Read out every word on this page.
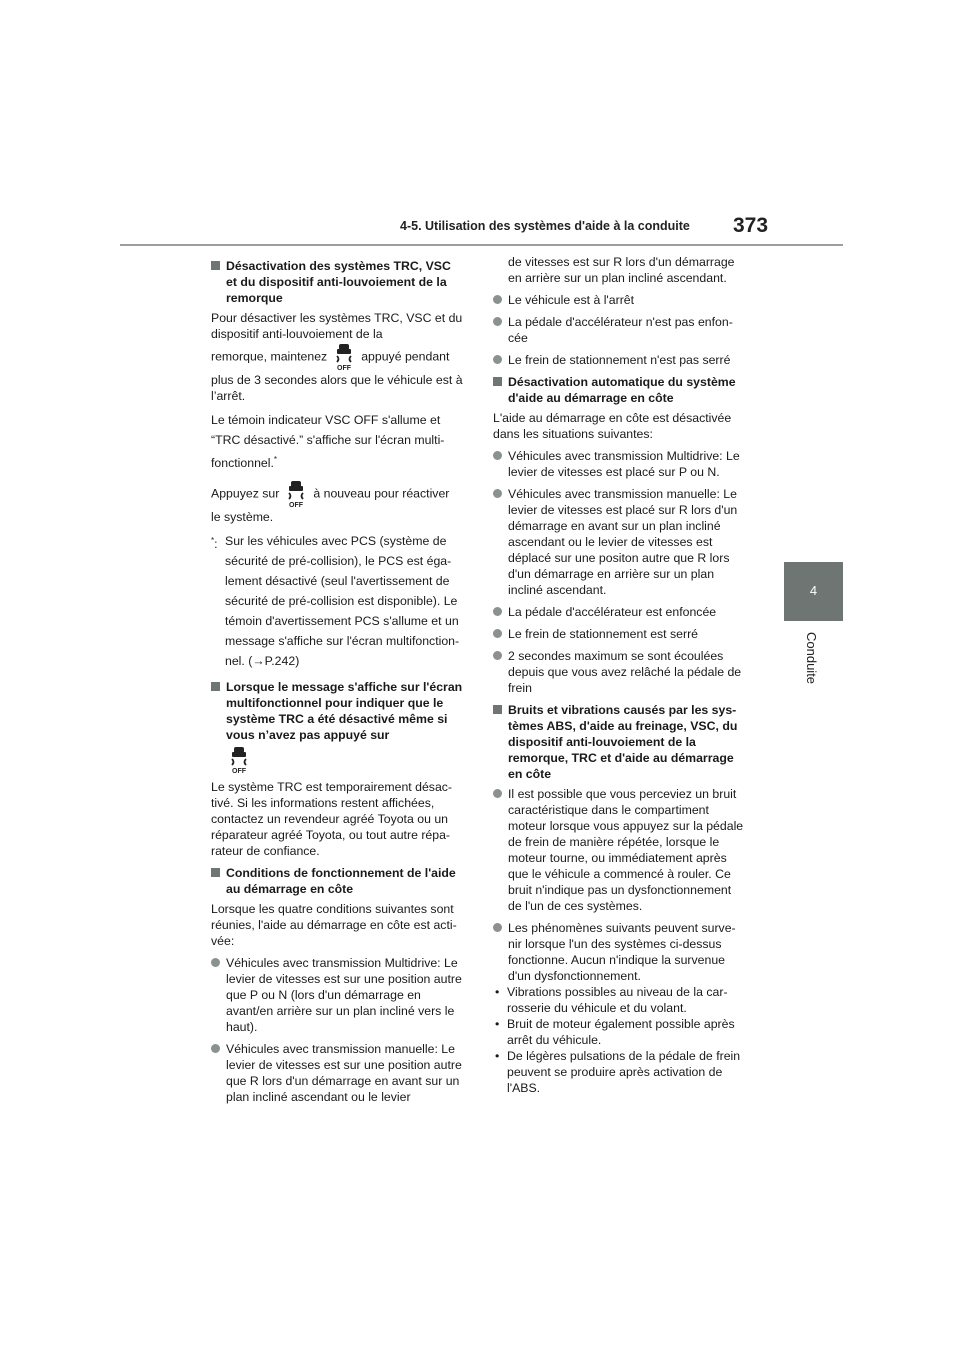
4-5. Utilisation des systèmes d'aide à la conduite 373
4
Conduite
Désactivation des systèmes TRC, VSC et du dispositif anti-louvoiement de la remorque

Pour désactiver les systèmes TRC, VSC et du dispositif anti-louvoiement de la
remorque, maintenez
OFF
appuyé pendant
plus de 3 secondes alors que le véhicule est à l’arrêt.

Le témoin indicateur VSC OFF s'allume et
“TRC désactivé.” s'affiche sur l'écran multi-
fonctionnel.*

Appuyez sur
OFF
à nouveau pour réactiver
le système.

*: Sur les véhicules avec PCS (système de sécurité de pré-collision), le PCS est éga-lement désactivé (seul l'avertissement de sécurité de pré-collision est disponible). Le témoin d'avertissement PCS s'allume et un message s'affiche sur l'écran multifonction-nel. (→P.242)
Lorsque le message s'affiche sur l'écran multifonctionnel pour indiquer que le système TRC a été désactivé même si vous n’avez pas appuyé sur
OFF

Le système TRC est temporairement désac-tivé. Si les informations restent affichées, contactez un revendeur agréé Toyota ou un réparateur agréé Toyota, ou tout autre répa-rateur de confiance.

Conditions de fonctionnement de l'aide au démarrage en côte

Lorsque les quatre conditions suivantes sont réunies, l'aide au démarrage en côte est acti-vée:

Véhicules avec transmission Multidrive: Le levier de vitesses est sur une position autre que P ou N (lors d'un démarrage en avant/en arrière sur un plan incliné vers le haut).
Véhicules avec transmission manuelle: Le levier de vitesses est sur une position autre que R lors d'un démarrage en avant sur un plan incliné ascendant ou le levier

de vitesses est sur R lors d'un démarrage en arrière sur un plan incliné ascendant.

Le véhicule est à l'arrêt
La pédale d'accélérateur n'est pas enfon-cée
Le frein de stationnement n'est pas serré
Désactivation automatique du système d'aide au démarrage en côte

L'aide au démarrage en côte est désactivée dans les situations suivantes:

Véhicules avec transmission Multidrive: Le levier de vitesses est placé sur P ou N.
Véhicules avec transmission manuelle: Le levier de vitesses est placé sur R lors d'un démarrage en avant sur un plan incliné ascendant ou le levier de vitesses est déplacé sur une positon autre que R lors d'un démarrage en arrière sur un plan incliné ascendant.
La pédale d'accélérateur est enfoncée
Le frein de stationnement est serré
2 secondes maximum se sont écoulées depuis que vous avez relâché la pédale de frein
Bruits et vibrations causés par les sys-tèmes ABS, d'aide au freinage, VSC, du dispositif anti-louvoiement de la remorque, TRC et d'aide au démarrage en côte
Il est possible que vous perceviez un bruit caractéristique dans le compartiment moteur lorsque vous appuyez sur la pédale de frein de manière répétée, lorsque le moteur tourne, ou immédiatement après que le véhicule a commencé à rouler. Ce bruit n'indique pas un dysfonctionnement de l'un de ces systèmes.
Les phénomènes suivants peuvent surve-nir lorsque l'un des systèmes ci-dessus fonctionne. Aucun n'indique la survenue d'un dysfonctionnement.
• Vibrations possibles au niveau de la car-rosserie du véhicule et du volant.
• Bruit de moteur également possible après arrêt du véhicule.
• De légères pulsations de la pédale de frein peuvent se produire après activation de l'ABS.
